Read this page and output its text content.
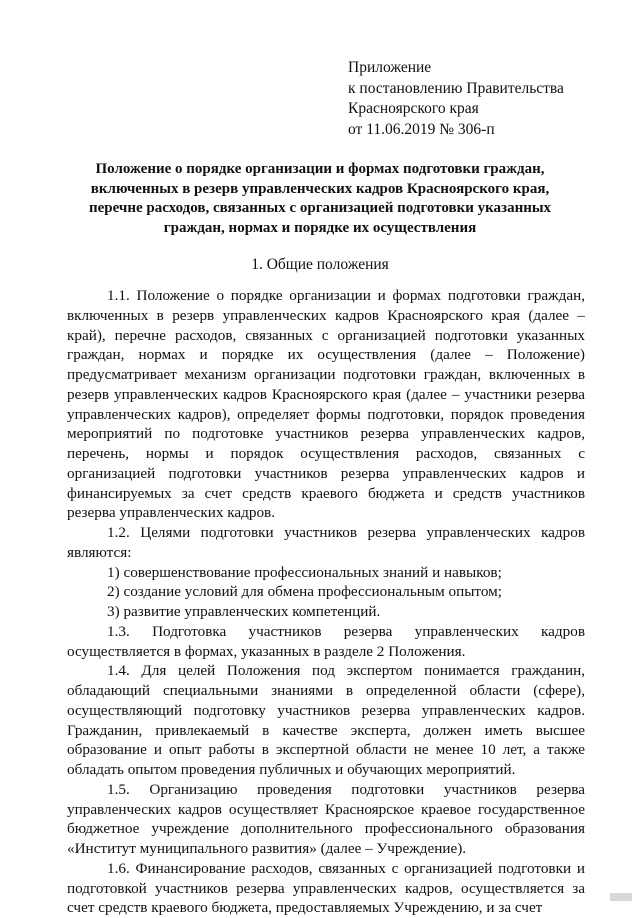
Приложение
к постановлению Правительства
Красноярского края
от 11.06.2019 № 306-п
Положение о порядке организации и формах подготовки граждан,
включенных в резерв управленческих кадров Красноярского края,
перечне расходов, связанных с организацией подготовки указанных
граждан, нормах и порядке их осуществления
1. Общие положения

1.1. Положение о порядке организации и формах подготовки граждан, включенных в резерв управленческих кадров Красноярского края (далее – край), перечне расходов, связанных с организацией подготовки указанных граждан, нормах и порядке их осуществления (далее – Положение) предусматривает механизм организации подготовки граждан, включенных в резерв управленческих кадров Красноярского края (далее – участники резерва управленческих кадров), определяет формы подготовки, порядок проведения мероприятий по подготовке участников резерва управленческих кадров, перечень, нормы и порядок осуществления расходов, связанных с организацией подготовки участников резерва управленческих кадров и финансируемых за счет средств краевого бюджета и средств участников резерва управленческих кадров.

1.2. Целями подготовки участников резерва управленческих кадров являются:

1) совершенствование профессиональных знаний и навыков;

2) создание условий для обмена профессиональным опытом;

3) развитие управленческих компетенций.

1.3. Подготовка участников резерва управленческих кадров осуществляется в формах, указанных в разделе 2 Положения.

1.4. Для целей Положения под экспертом понимается гражданин, обладающий специальными знаниями в определенной области (сфере), осуществляющий подготовку участников резерва управленческих кадров. Гражданин, привлекаемый в качестве эксперта, должен иметь высшее образование и опыт работы в экспертной области не менее 10 лет, а также обладать опытом проведения публичных и обучающих мероприятий.

1.5. Организацию проведения подготовки участников резерва управленческих кадров осуществляет Красноярское краевое государственное бюджетное учреждение дополнительного профессионального образования «Институт муниципального развития» (далее – Учреждение).

1.6. Финансирование расходов, связанных с организацией подготовки и подготовкой участников резерва управленческих кадров, осуществляется за счет средств краевого бюджета, предоставляемых Учреждению, и за счет
